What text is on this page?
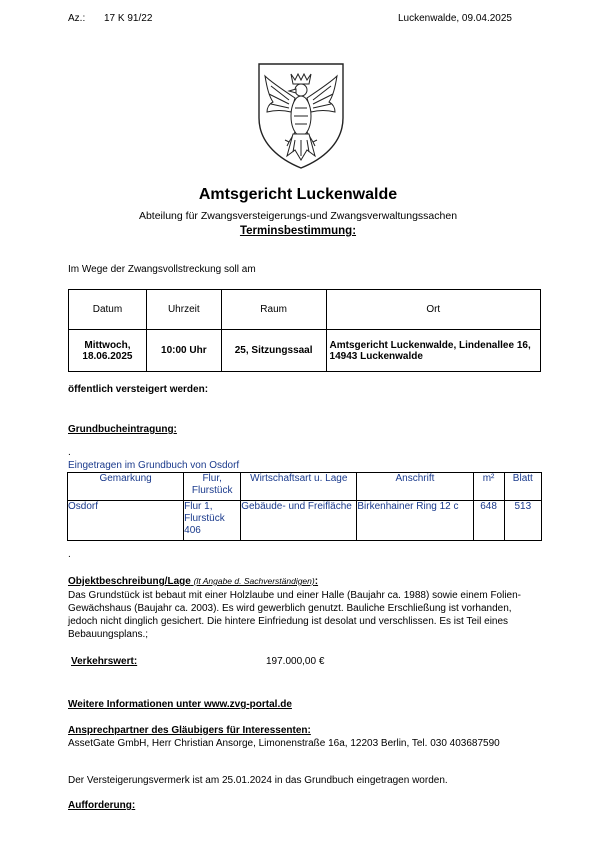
Az.: 17 K 91/22	Luckenwalde, 09.04.2025
Amtsgericht Luckenwalde
Abteilung für Zwangsversteigerungs-und Zwangsverwaltungssachen
Terminsbestimmung:
Im Wege der Zwangsvollstreckung soll am
Datum	Uhrzeit	Raum	Ort
Mittwoch, 18.06.2025	10:00 Uhr	25, Sitzungssaal	Amtsgericht Luckenwalde, Lindenallee 16, 14943 Luckenwalde
öffentlich versteigert werden:
Grundbucheintragung:
.
Eingetragen im Grundbuch von Osdorf
Gemarkung	Flur, Flurstück	Wirtschaftsart u. Lage	Anschrift	m²	Blatt
Osdorf	Flur 1, Flurstück 406	Gebäude- und Freifläche	Birkenhainer Ring 12 c	648	513
.
Objektbeschreibung/Lage (lt Angabe d. Sachverständigen):
Das Grundstück ist bebaut mit einer Holzlaube und einer Halle (Baujahr ca. 1988) sowie einem Folien-Gewächshaus (Baujahr ca. 2003). Es wird gewerblich genutzt. Bauliche Erschließung ist vorhanden, jedoch nicht dinglich gesichert. Die hintere Einfriedung ist desolat und verschlissen. Es ist Teil eines Bebauungsplans.;
Verkehrswert:	197.000,00 €
Weitere Informationen unter www.zvg-portal.de
Ansprechpartner des Gläubigers für Interessenten:
AssetGate GmbH, Herr Christian Ansorge, Limonenstraße 16a, 12203 Berlin, Tel. 030 403687590
Der Versteigerungsvermerk ist am 25.01.2024 in das Grundbuch eingetragen worden.
Aufforderung:
